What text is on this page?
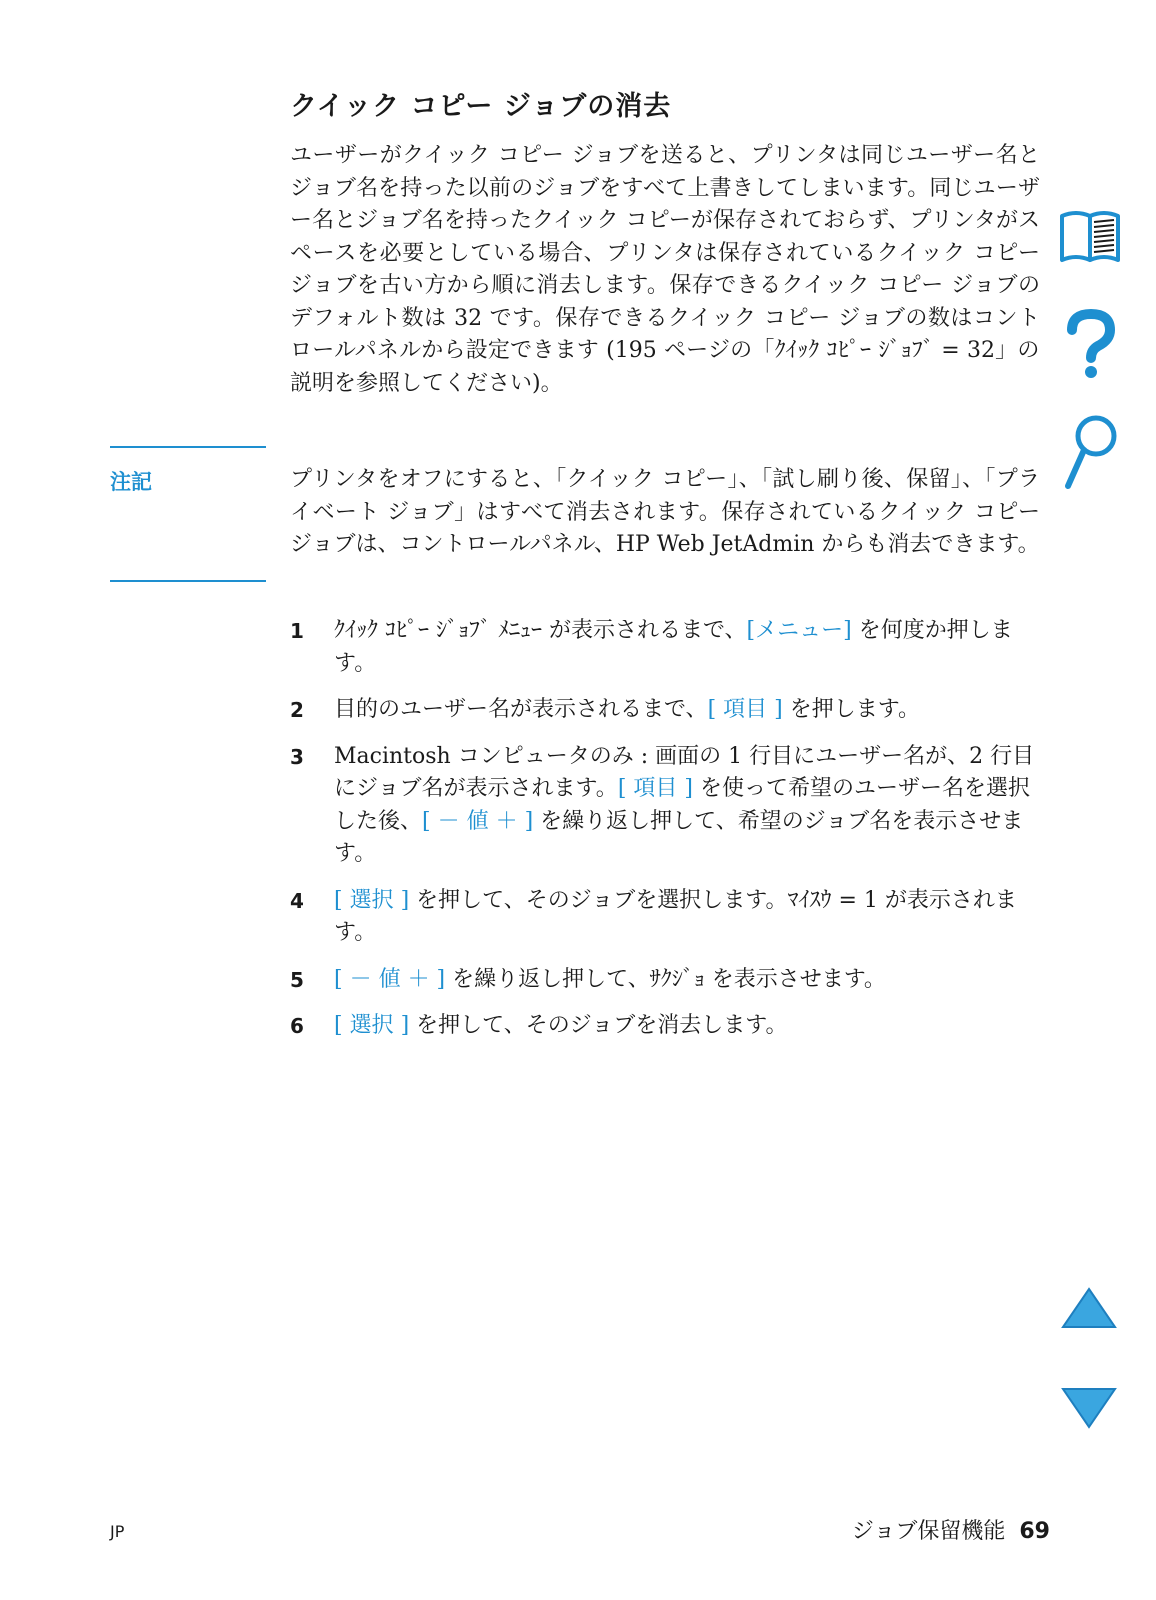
クイック コピー ジョブの消去

ユーザーがクイック コピー ジョブを送ると、プリンタは同じユーザー名とジョブ名を持った以前のジョブをすべて上書きしてしまいます。同じユーザー名とジョブ名を持ったクイック コピーが保存されておらず、プリンタがスペースを必要としている場合、プリンタは保存されているクイック コピー ジョブを古い方から順に消去します。保存できるクイック コピー ジョブのデフォルト数は 32 です。保存できるクイック コピー ジョブの数はコントロールパネルから設定できます (195 ページの「ｸｲｯｸ ｺﾋﾟｰ ｼﾞｮﾌﾞ = 32」の説明を参照してください)。

注記	プリンタをオフにすると、「クイック コピー」、「試し刷り後、保留」、「プライベート ジョブ」はすべて消去されます。保存されているクイック コピー ジョブは、コントロールパネル、HP Web JetAdmin からも消去できます。

1 ｸｲｯｸ ｺﾋﾟｰ ｼﾞｮﾌﾞ ﾒﾆｭｰ が表示されるまで、[メニュー] を何度か押します。
2 目的のユーザー名が表示されるまで、[ 項目 ] を押します。
3 Macintosh コンピュータのみ : 画面の 1 行目にユーザー名が、2 行目にジョブ名が表示されます。[ 項目 ] を使って希望のユーザー名を選択した後、[ － 値 ＋ ] を繰り返し押して、希望のジョブ名を表示させます。
4 [ 選択 ] を押して、そのジョブを選択します。ﾏｲｽｳ = 1 が表示されます。
5 [ － 値 ＋ ] を繰り返し押して、ｻｸｼﾞｮ を表示させます。
6 [ 選択 ] を押して、そのジョブを消去します。
JP	ジョブ保留機能 69
